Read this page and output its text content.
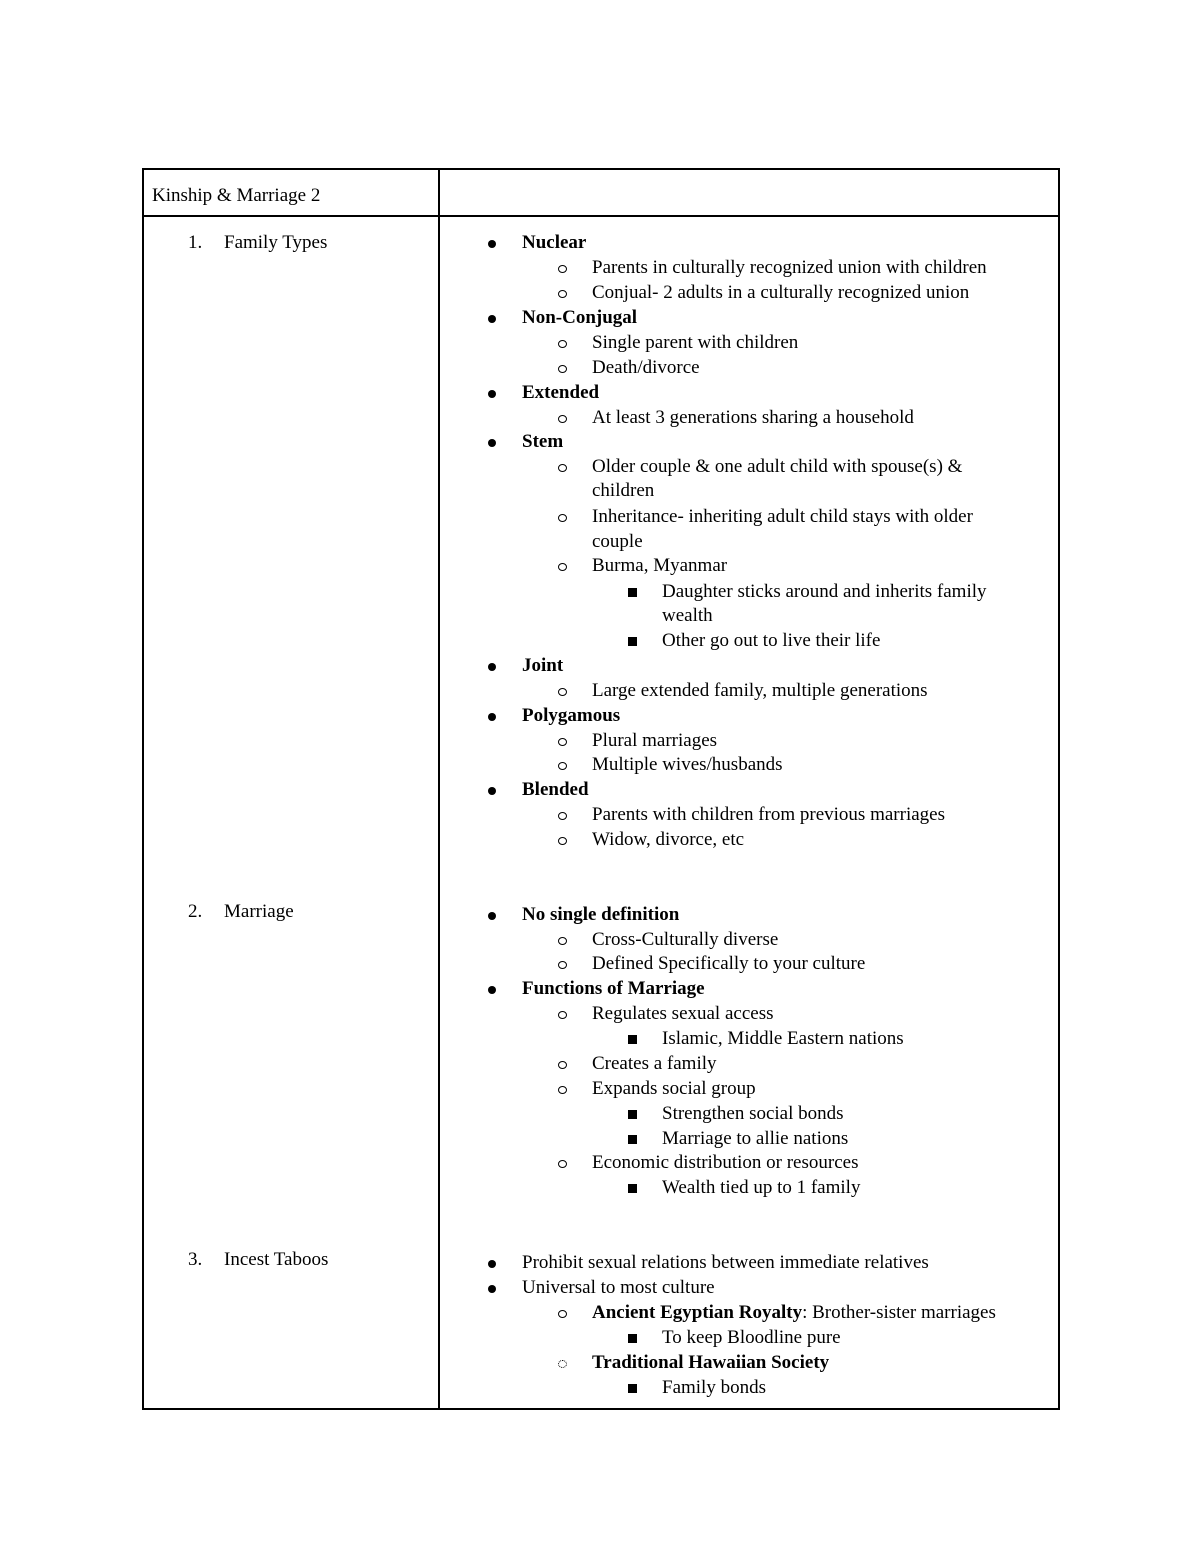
Kinship & Marriage 2
1. Family Types
2. Marriage
3. Incest Taboos
Nuclear
Parents in culturally recognized union with children
Conjual- 2 adults in a culturally recognized union
Non-Conjugal
Single parent with children
Death/divorce
Extended
At least 3 generations sharing a household
Stem
Older couple & one adult child with spouse(s) &
children
Inheritance- inheriting adult child stays with older
couple
Burma, Myanmar
Daughter sticks around and inherits family
wealth
Other go out to live their life
Joint
Large extended family, multiple generations
Polygamous
Plural marriages
Multiple wives/husbands
Blended
Parents with children from previous marriages
Widow, divorce, etc
No single definition
Cross-Culturally diverse
Defined Specifically to your culture
Functions of Marriage
Regulates sexual access
Islamic, Middle Eastern nations
Creates a family
Expands social group
Strengthen social bonds
Marriage to allie nations
Economic distribution or resources
Wealth tied up to 1 family
Prohibit sexual relations between immediate relatives
Universal to most culture
Ancient Egyptian Royalty: Brother-sister marriages
To keep Bloodline pure
Traditional Hawaiian Society
Family bonds
